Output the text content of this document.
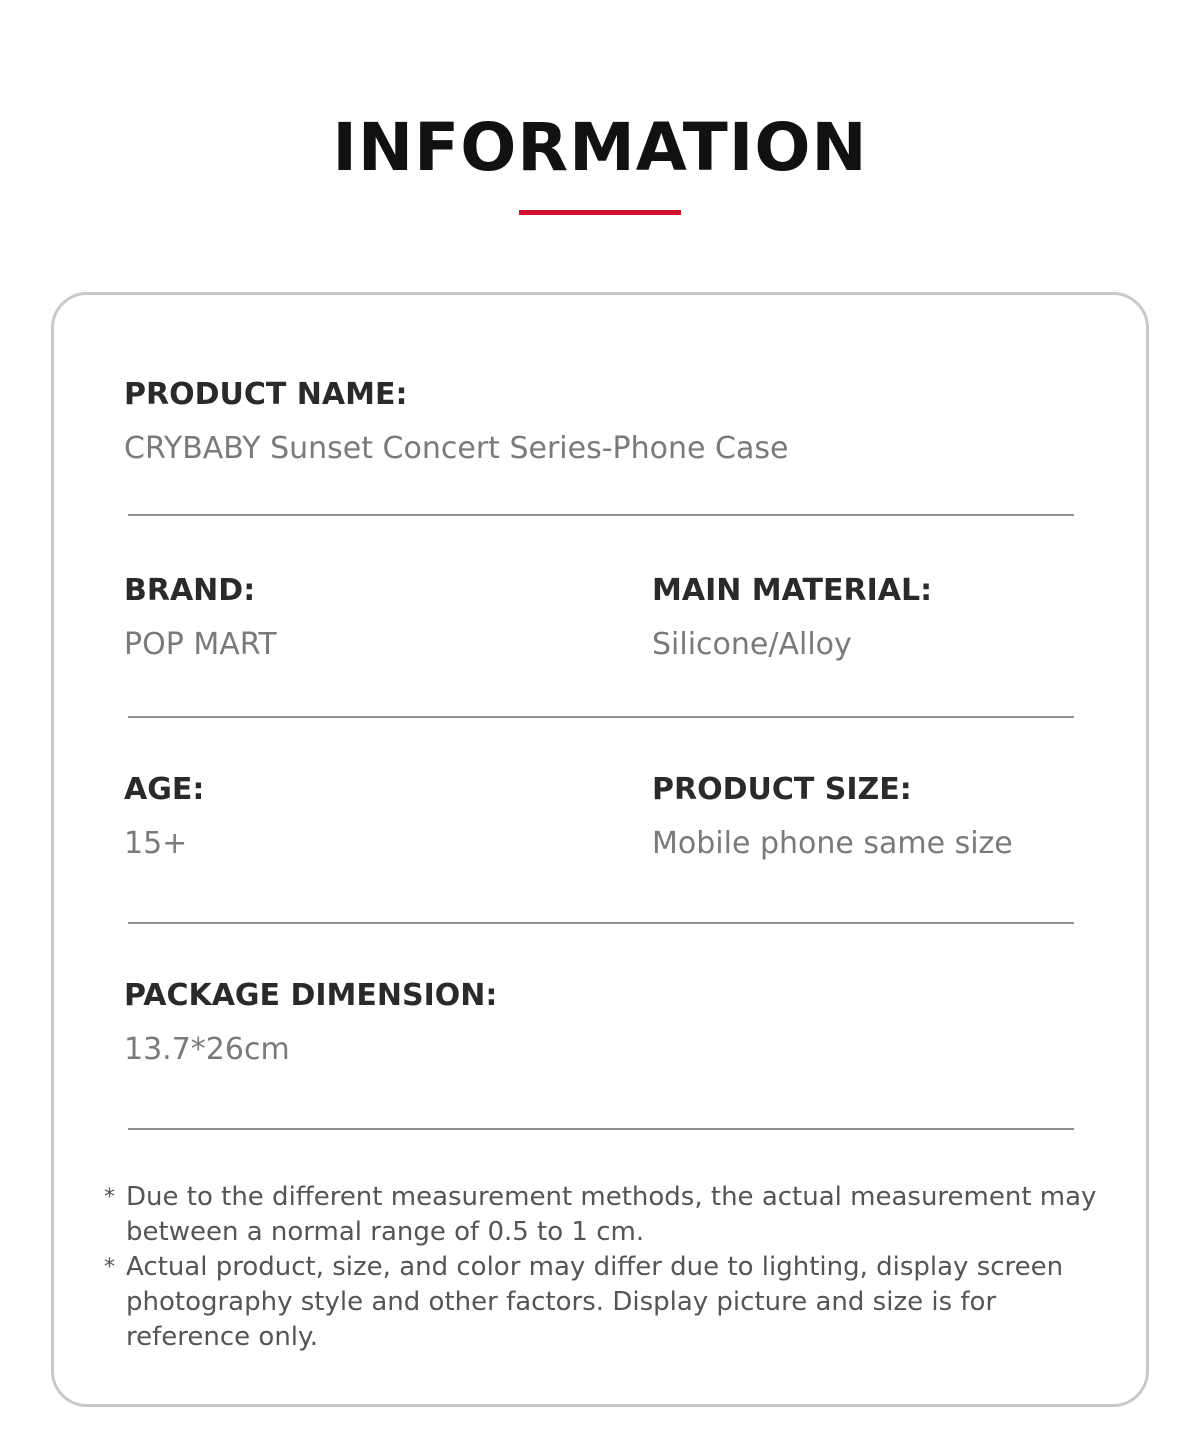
INFORMATION
PRODUCT NAME:
CRYBABY Sunset Concert Series-Phone Case
BRAND:
POP MART
MAIN MATERIAL:
Silicone/Alloy
AGE:
15+
PRODUCT SIZE:
Mobile phone same size
PACKAGE DIMENSION:
13.7*26cm
* Due to the different measurement methods, the actual measurement may between a normal range of 0.5 to 1 cm.
* Actual product, size, and color may differ due to lighting, display screen photography style and other factors. Display picture and size is for reference only.
